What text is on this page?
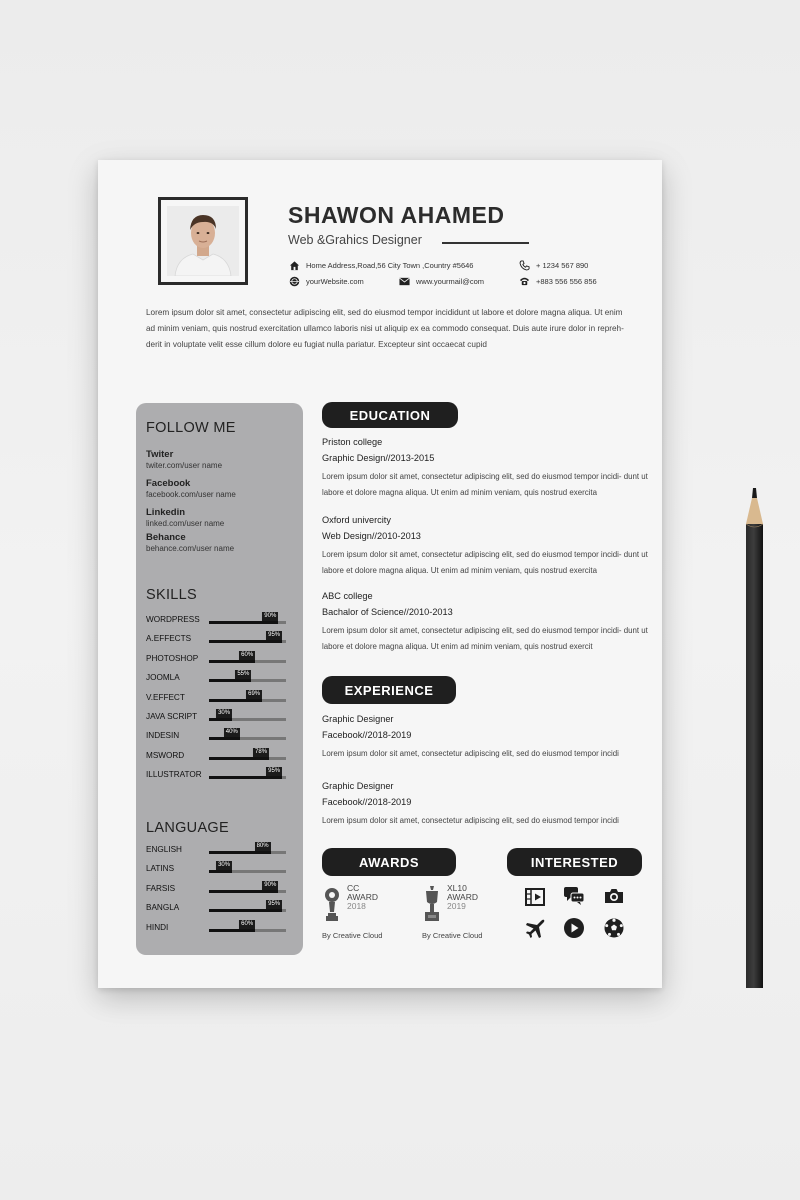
SHAWON AHAMED
Web &Grahics Designer
Home Address,Road,56 City Town ,Country #5646	+ 1234 567 890
yourWebsite.com	www.yourmail@com	+883 556 556 856
Lorem ipsum dolor sit amet, consectetur adipiscing elit, sed do eiusmod tempor incididunt ut labore et dolore magna aliqua. Ut enim
ad minim veniam, quis nostrud exercitation ullamco laboris nisi ut aliquip ex ea commodo consequat. Duis aute irure dolor in repreh-
derit in voluptate velit esse cillum dolore eu fugiat nulla pariatur. Excepteur sint occaecat cupid
FOLLOW ME
Twiter
twiter.com/user name
Facebook
facebook.com/user name
Linkedin
linked.com/user name
Behance
behance.com/user name
SKILLS
WORDPRESS	90%
A.EFFECTS	95%
PHOTOSHOP	60%
JOOMLA	55%
V.EFFECT	69%
JAVA SCRIPT	30%
INDESIN	40%
MSWORD	78%
ILLUSTRATOR	95%
LANGUAGE
ENGLISH	80%
LATINS	30%
FARSIS	90%
BANGLA	95%
HINDI	60%
EDUCATION
Priston college
Graphic Design//2013-2015
Lorem ipsum dolor sit amet, consectetur adipiscing elit, sed do eiusmod tempor incidi- dunt ut labore et dolore magna aliqua. Ut enim ad minim veniam, quis nostrud exercita
Oxford univercity
Web Design//2010-2013
Lorem ipsum dolor sit amet, consectetur adipiscing elit, sed do eiusmod tempor incidi- dunt ut labore et dolore magna aliqua. Ut enim ad minim veniam, quis nostrud exercita
ABC college
Bachalor of Science//2010-2013
Lorem ipsum dolor sit amet, consectetur adipiscing elit, sed do eiusmod tempor incidi- dunt ut labore et dolore magna aliqua. Ut enim ad minim veniam, quis nostrud exercit
EXPERIENCE
Graphic Designer
Facebook//2018-2019
Lorem ipsum dolor sit amet, consectetur adipiscing elit, sed do eiusmod tempor incidi
Graphic Designer
Facebook//2018-2019
Lorem ipsum dolor sit amet, consectetur adipiscing elit, sed do eiusmod tempor incidi
AWARDS
CC
AWARD
2018
By Creative Cloud
XL10
AWARD
2019
By Creative Cloud
INTERESTED
